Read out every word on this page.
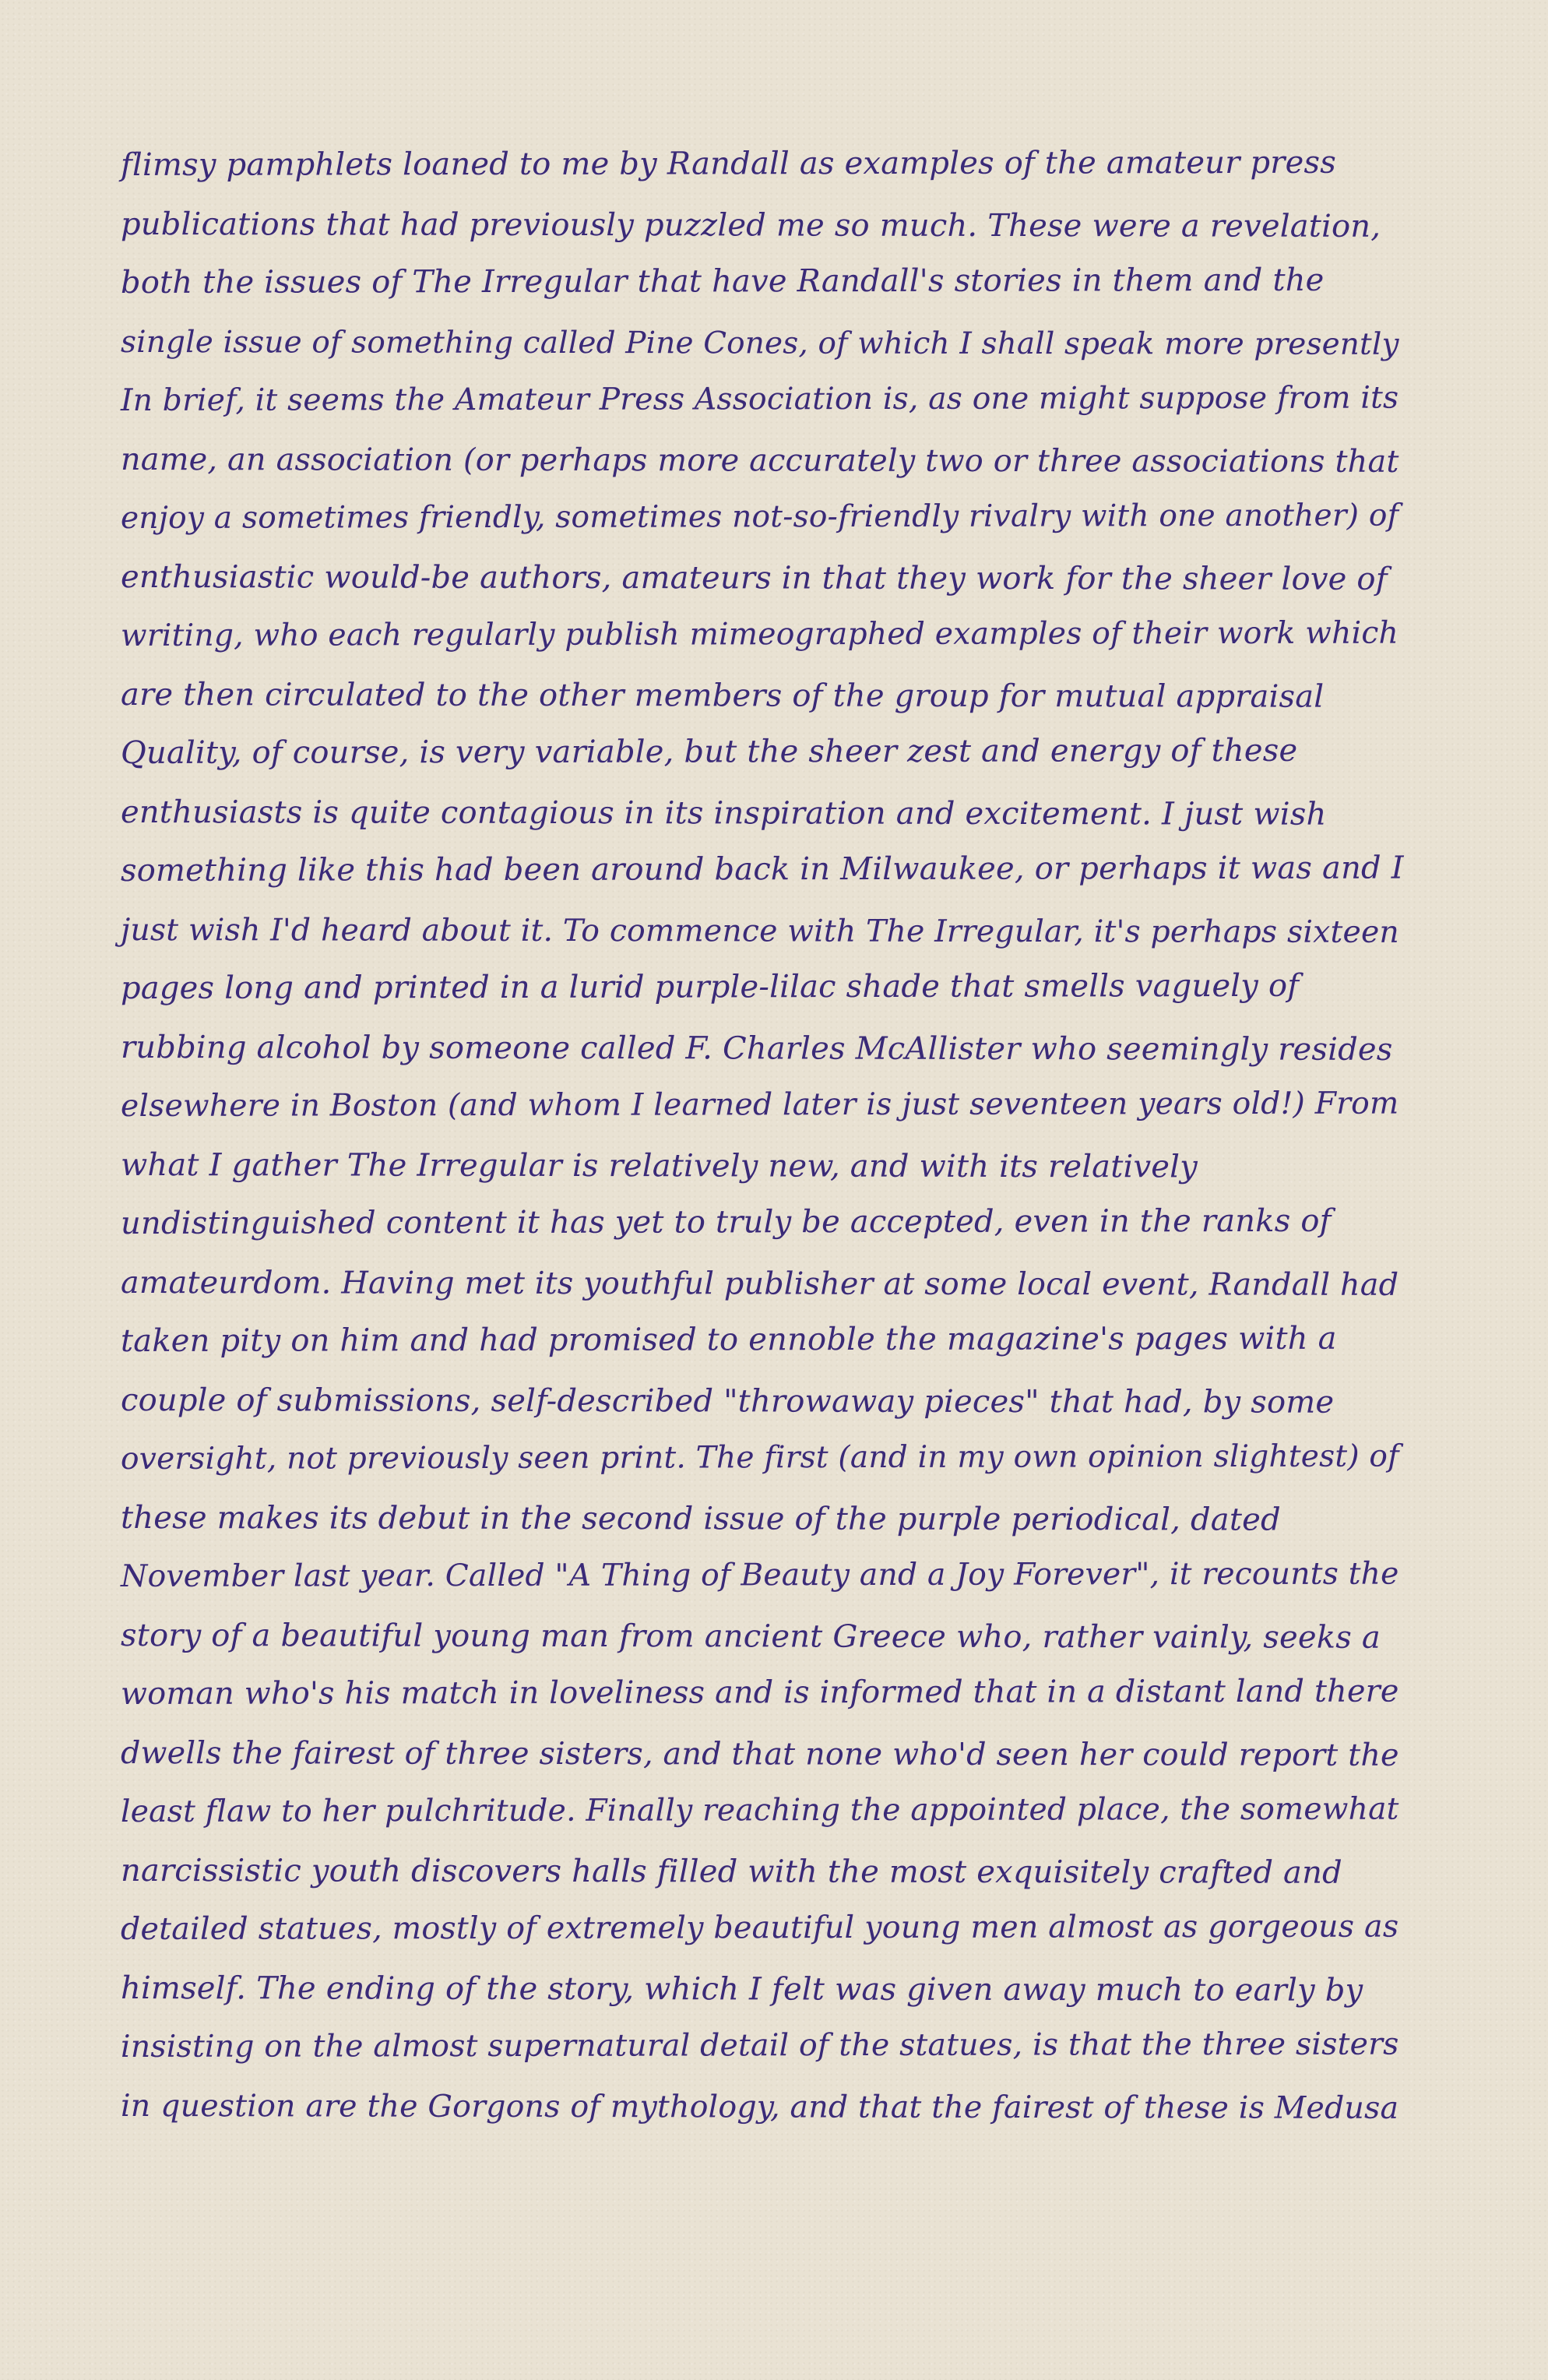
flimsy pamphlets loaned to me by Randall as examples of the amateur press
publications that had previously puzzled me so much. These were a revelation,
both the issues of The Irregular that have Randall's stories in them and the
single issue of something called Pine Cones, of which I shall speak more presently
In brief, it seems the Amateur Press Association is, as one might suppose from its
name, an association (or perhaps more accurately two or three associations that
enjoy a sometimes friendly, sometimes not-so-friendly rivalry with one another) of
enthusiastic would-be authors, amateurs in that they work for the sheer love of
writing, who each regularly publish mimeographed examples of their work which
are then circulated to the other members of the group for mutual appraisal
Quality, of course, is very variable, but the sheer zest and energy of these
enthusiasts is quite contagious in its inspiration and excitement. I just wish
something like this had been around back in Milwaukee, or perhaps it was and I
just wish I'd heard about it. To commence with The Irregular, it's perhaps sixteen
pages long and printed in a lurid purple-lilac shade that smells vaguely of
rubbing alcohol by someone called F. Charles McAllister who seemingly resides
elsewhere in Boston (and whom I learned later is just seventeen years old!) From
what I gather The Irregular is relatively new, and with its relatively
undistinguished content it has yet to truly be accepted, even in the ranks of
amateurdom. Having met its youthful publisher at some local event, Randall had
taken pity on him and had promised to ennoble the magazine's pages with a
couple of submissions, self-described "throwaway pieces" that had, by some
oversight, not previously seen print. The first (and in my own opinion slightest) of
these makes its debut in the second issue of the purple periodical, dated
November last year. Called "A Thing of Beauty and a Joy Forever", it recounts the
story of a beautiful young man from ancient Greece who, rather vainly, seeks a
woman who's his match in loveliness and is informed that in a distant land there
dwells the fairest of three sisters, and that none who'd seen her could report the
least flaw to her pulchritude. Finally reaching the appointed place, the somewhat
narcissistic youth discovers halls filled with the most exquisitely crafted and
detailed statues, mostly of extremely beautiful young men almost as gorgeous as
himself. The ending of the story, which I felt was given away much to early by
insisting on the almost supernatural detail of the statues, is that the three sisters
in question are the Gorgons of mythology, and that the fairest of these is Medusa
